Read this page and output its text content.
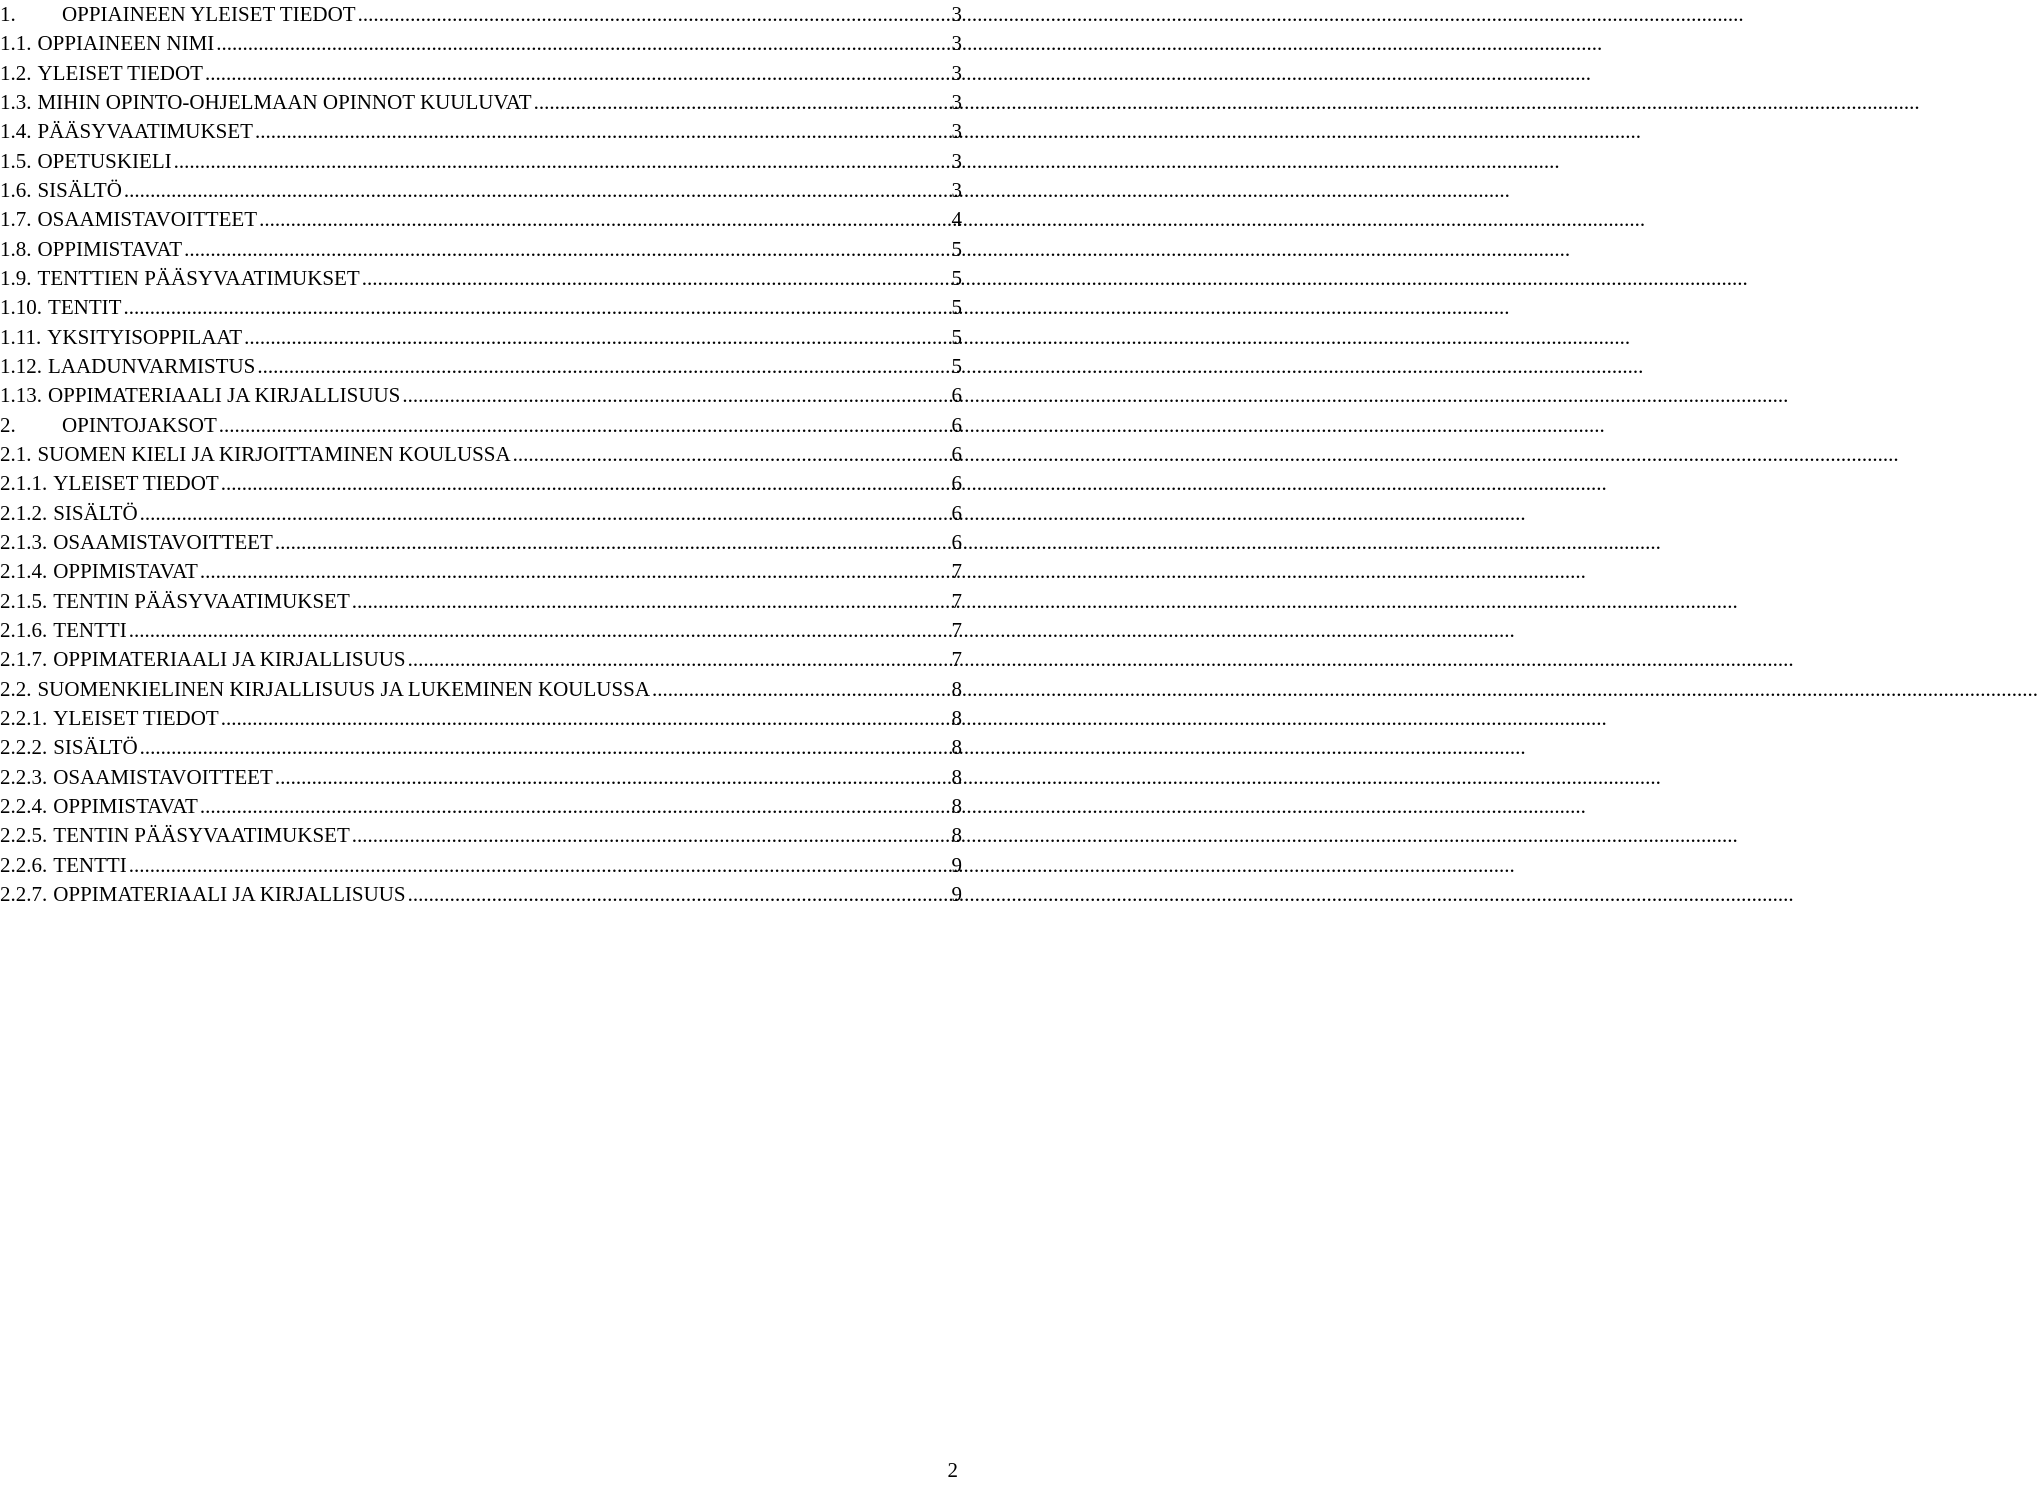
1.	OPPIAINEEN YLEISET TIEDOT .....	3
1.1. OPPIAINEEN NIMI .....	3
1.2. YLEISET TIEDOT .....	3
1.3. MIHIN OPINTO-OHJELMAAN OPINNOT KUULUVAT .....	3
1.4. PÄÄSYVAATIMUKSET .....	3
1.5. OPETUSKIELI .....	3
1.6. SISÄLTÖ .....	3
1.7. OSAAMISTAVOITTEET .....	4
1.8. OPPIMISTAVAT .....	5
1.9. TENTTIEN PÄÄSYVAATIMUKSET .....	5
1.10. TENTIT .....	5
1.11. YKSITYISOPPILAAT .....	5
1.12. LAADUNVARMISTUS .....	5
1.13. OPPIMATERIAALI JA KIRJALLISUUS .....	6
2.	OPINTOJAKSOT .....	6
2.1. SUOMEN KIELI JA KIRJOITTAMINEN KOULUSSA .....	6
2.1.1. YLEISET TIEDOT .....	6
2.1.2. SISÄLTÖ .....	6
2.1.3. OSAAMISTAVOITTEET .....	6
2.1.4. OPPIMISTAVAT .....	7
2.1.5. TENTIN PÄÄSYVAATIMUKSET .....	7
2.1.6. TENTTI .....	7
2.1.7. OPPIMATERIAALI JA KIRJALLISUUS .....	7
2.2. SUOMENKIELINEN KIRJALLISUUS JA LUKEMINEN KOULUSSA .....	8
2.2.1. YLEISET TIEDOT .....	8
2.2.2. SISÄLTÖ .....	8
2.2.3. OSAAMISTAVOITTEET .....	8
2.2.4. OPPIMISTAVAT .....	8
2.2.5. TENTIN PÄÄSYVAATIMUKSET .....	8
2.2.6. TENTTI .....	9
2.2.7. OPPIMATERIAALI JA KIRJALLISUUS .....	9
2
